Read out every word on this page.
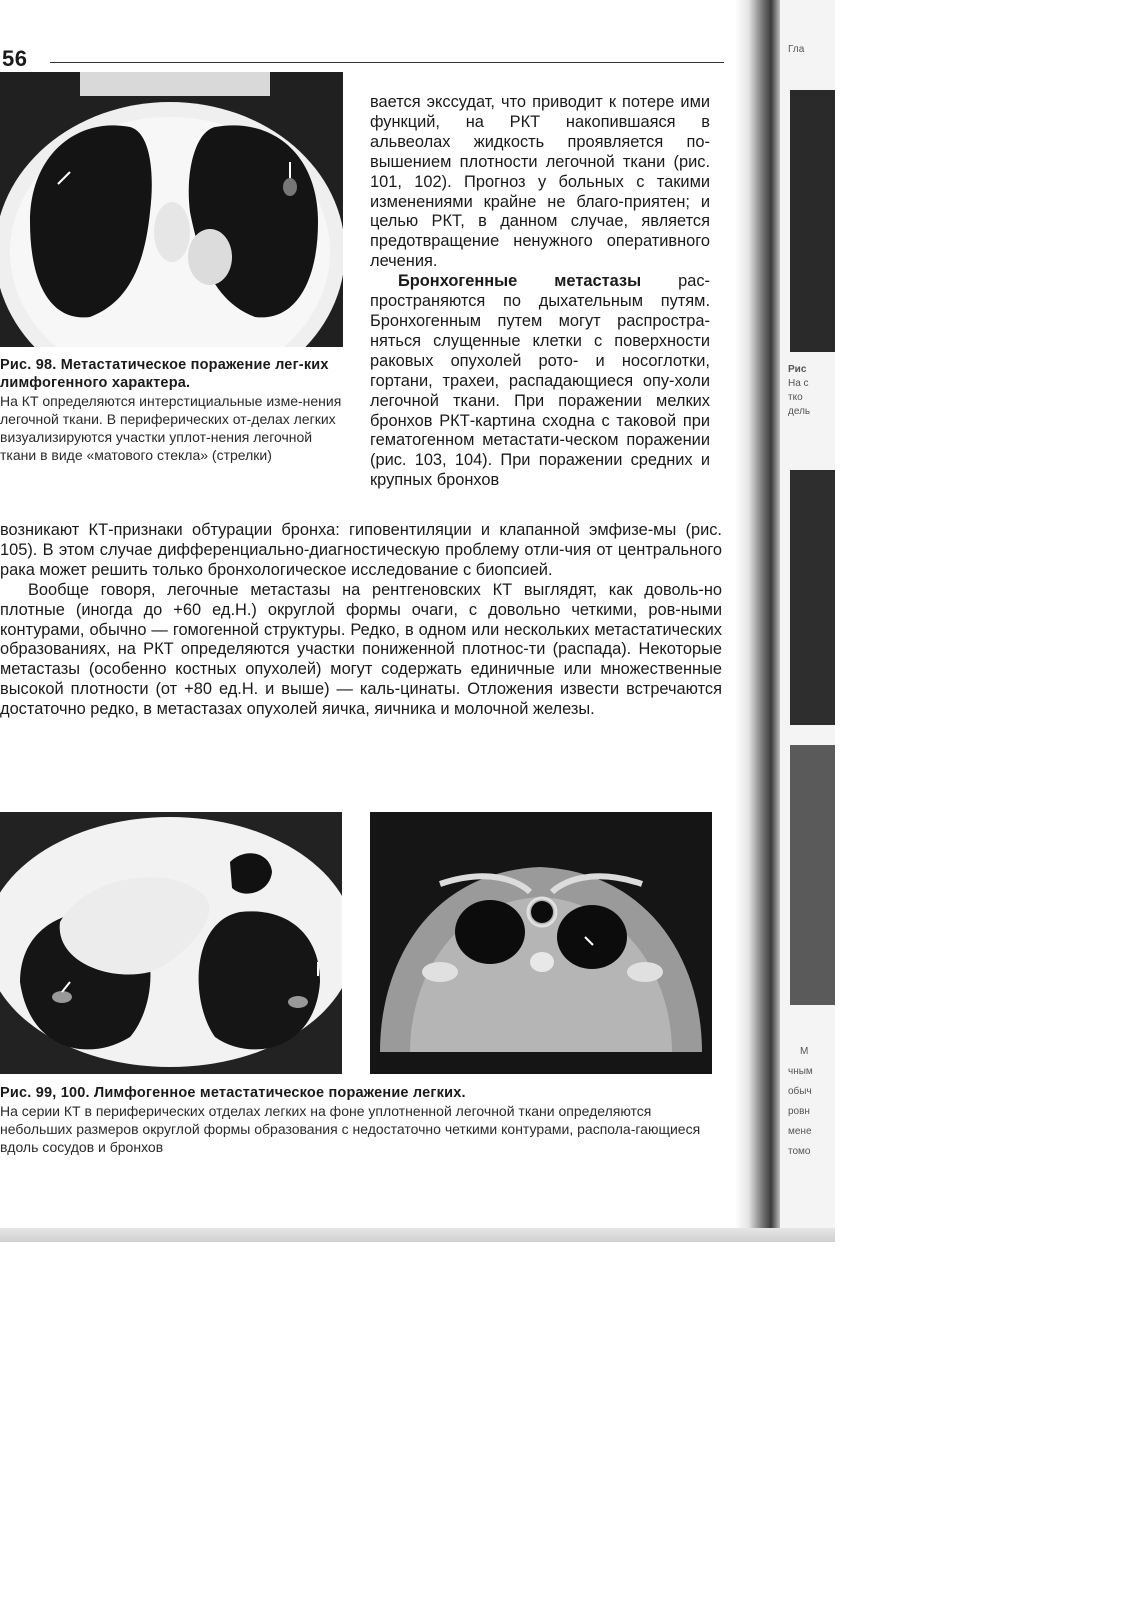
56
Рис. 98. Метастатическое поражение лег-ких лимфогенного характера.
На КТ определяются интерстициальные изме-нения легочной ткани. В периферических от-делах легких визуализируются участки уплот-нения легочной ткани в виде «матового стекла» (стрелки)

вается экссудат, что приводит к потере ими функций, на РКТ накопившаяся в альвеолах жидкость проявляется по-вышением плотности легочной ткани (рис. 101, 102). Прогноз у больных с такими изменениями крайне не благо-приятен; и целью РКТ, в данном случае, является предотвращение ненужного оперативного лечения.

Бронхогенные метастазы рас-пространяются по дыхательным путям. Бронхогенным путем могут распростра-няться слущенные клетки с поверхности раковых опухолей рото- и носоглотки, гортани, трахеи, распадающиеся опу-холи легочной ткани. При поражении мелких бронхов РКТ-картина сходна с таковой при гематогенном метастати-ческом поражении (рис. 103, 104). При поражении средних и крупных бронхов

возникают КТ-признаки обтурации бронха: гиповентиляции и клапанной эмфизе-мы (рис. 105). В этом случае дифференциально-диагностическую проблему отли-чия от центрального рака может решить только бронхологическое исследование с биопсией.

Вообще говоря, легочные метастазы на рентгеновских КТ выглядят, как доволь-но плотные (иногда до +60 ед.Н.) округлой формы очаги, с довольно четкими, ров-ными контурами, обычно — гомогенной структуры. Редко, в одном или нескольких метастатических образованиях, на РКТ определяются участки пониженной плотнос-ти (распада). Некоторые метастазы (особенно костных опухолей) могут содержать единичные или множественные высокой плотности (от +80 ед.Н. и выше) — каль-цинаты. Отложения извести встречаются достаточно редко, в метастазах опухолей яичка, яичника и молочной железы.

Рис. 99, 100. Лимфогенное метастатическое поражение легких.
На серии КТ в периферических отделах легких на фоне уплотненной легочной ткани определяются небольших размеров округлой формы образования с недостаточно четкими контурами, распола-гающиеся вдоль сосудов и бронхов
Гла
Рис
На с
тко
дель
М
чным
обыч
ровн
мене
томо
